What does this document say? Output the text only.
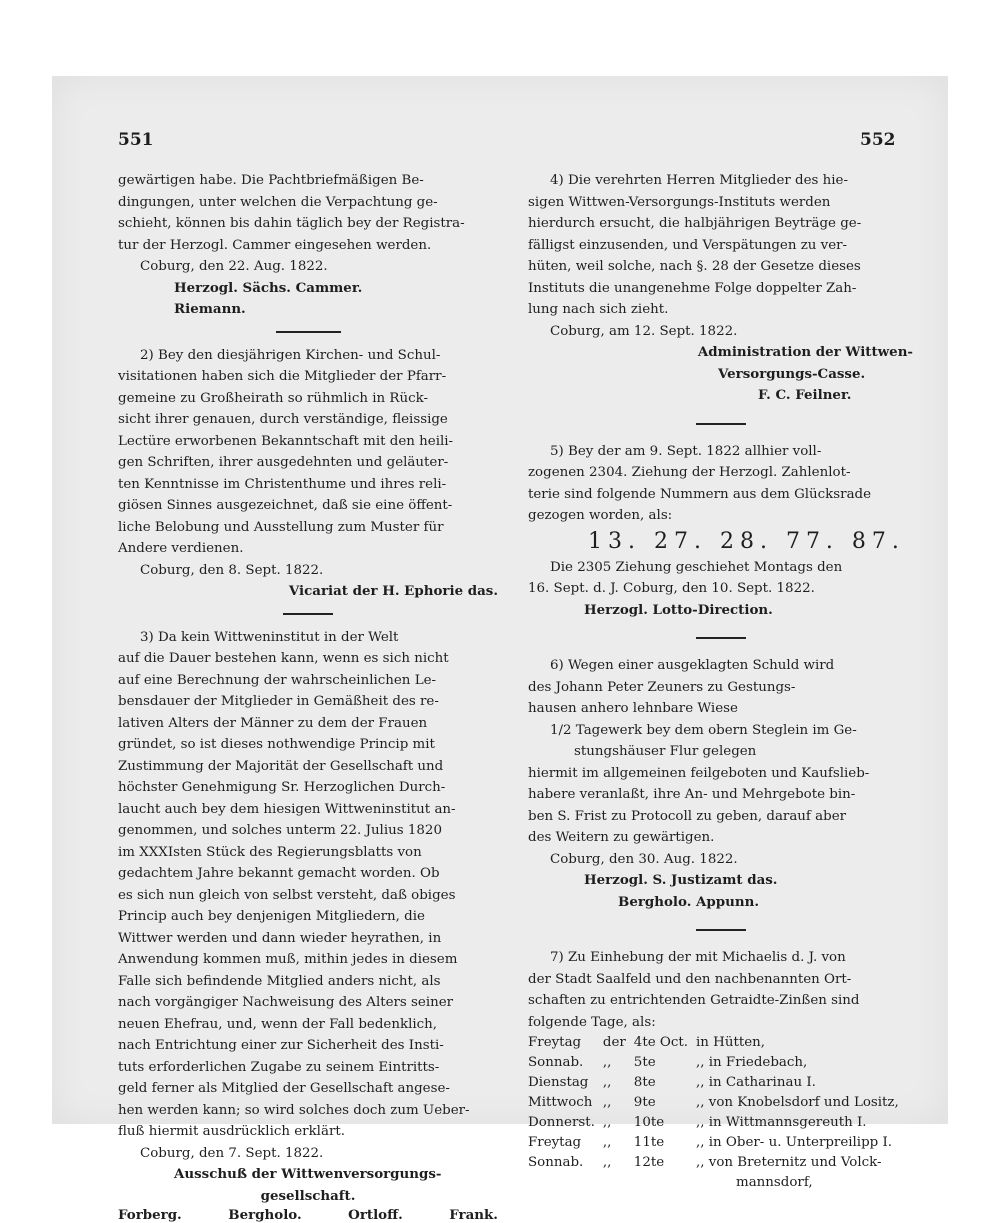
551	552

gewärtigen habe. Die Pachtbriefmäßigen Be-

dingungen, unter welchen die Verpachtung ge-

schieht, können bis dahin täglich bey der Registra-

tur der Herzogl. Cammer eingesehen werden.

Coburg, den 22. Aug. 1822.

Herzogl. Sächs. Cammer.

Riemann.

2) Bey den diesjährigen Kirchen- und Schul-

visitationen haben sich die Mitglieder der Pfarr-

gemeine zu Großheirath so rühmlich in Rück-

sicht ihrer genauen, durch verständige, fleissige

Lectüre erworbenen Bekanntschaft mit den heili-

gen Schriften, ihrer ausgedehnten und geläuter-

ten Kenntnisse im Christenthume und ihres reli-

giösen Sinnes ausgezeichnet, daß sie eine öffent-

liche Belobung und Ausstellung zum Muster für

Andere verdienen.

Coburg, den 8. Sept. 1822.

Vicariat der H. Ephorie das.

3) Da kein Wittweninstitut in der Welt

auf die Dauer bestehen kann, wenn es sich nicht

auf eine Berechnung der wahrscheinlichen Le-

bensdauer der Mitglieder in Gemäßheit des re-

lativen Alters der Männer zu dem der Frauen

gründet, so ist dieses nothwendige Princip mit

Zustimmung der Majorität der Gesellschaft und

höchster Genehmigung Sr. Herzoglichen Durch-

laucht auch bey dem hiesigen Wittweninstitut an-

genommen, und solches unterm 22. Julius 1820

im XXXIsten Stück des Regierungsblatts von

gedachtem Jahre bekannt gemacht worden. Ob

es sich nun gleich von selbst versteht, daß obiges

Princip auch bey denjenigen Mitgliedern, die

Wittwer werden und dann wieder heyrathen, in

Anwendung kommen muß, mithin jedes in diesem

Falle sich befindende Mitglied anders nicht, als

nach vorgängiger Nachweisung des Alters seiner

neuen Ehefrau, und, wenn der Fall bedenklich,

nach Entrichtung einer zur Sicherheit des Insti-

tuts erforderlichen Zugabe zu seinem Eintritts-

geld ferner als Mitglied der Gesellschaft angese-

hen werden kann; so wird solches doch zum Ueber-

fluß hiermit ausdrücklich erklärt.

Coburg, den 7. Sept. 1822.

Ausschuß der Wittwenversorgungs-

gesellschaft.

Forberg.	Bergholo.	Ortloff.	Frank.

4) Die verehrten Herren Mitglieder des hie-

sigen Wittwen-Versorgungs-Instituts werden

hierdurch ersucht, die halbjährigen Beyträge ge-

fälligst einzusenden, und Verspätungen zu ver-

hüten, weil solche, nach §. 28 der Gesetze dieses

Instituts die unangenehme Folge doppelter Zah-

lung nach sich zieht.

Coburg, am 12. Sept. 1822.

Administration der Wittwen-

Versorgungs-Casse.

F. C. Feilner.

5) Bey der am 9. Sept. 1822 allhier voll-

zogenen 2304. Ziehung der Herzogl. Zahlenlot-

terie sind folgende Nummern aus dem Glücksrade

gezogen worden, als:

13. 27. 28. 77. 87.

Die 2305 Ziehung geschiehet Montags den

16. Sept. d. J. Coburg, den 10. Sept. 1822.

Herzogl. Lotto-Direction.

6) Wegen einer ausgeklagten Schuld wird

des Johann Peter Zeuners zu Gestungs-

hausen anhero lehnbare Wiese

1/2 Tagewerk bey dem obern Steglein im Ge-

stungshäuser Flur gelegen

hiermit im allgemeinen feilgeboten und Kaufslieb-

habere veranlaßt, ihre An- und Mehrgebote bin-

ben S. Frist zu Protocoll zu geben, darauf aber

des Weitern zu gewärtigen.

Coburg, den 30. Aug. 1822.

Herzogl. S. Justizamt das.

Bergholo. Appunn.

7) Zu Einhebung der mit Michaelis d. J. von

der Stadt Saalfeld und den nachbenannten Ort-

schaften zu entrichtenden Getraidte-Zinßen sind

folgende Tage, als:

Freytag	der	4te Oct.	in Hütten,
Sonnab.	,,	5te	,, in Friedebach,
Dienstag	,,	8te	,, in Catharinau I.
Mittwoch	,,	9te	,, von Knobelsdorf und Lositz,
Donnerst.	,,	10te	,, in Wittmannsgereuth I.
Freytag	,,	11te	,, in Ober- u. Unterpreilipp I.
Sonnab.	,,	12te	,, von Breternitz und Volck-
			mannsdorf,
